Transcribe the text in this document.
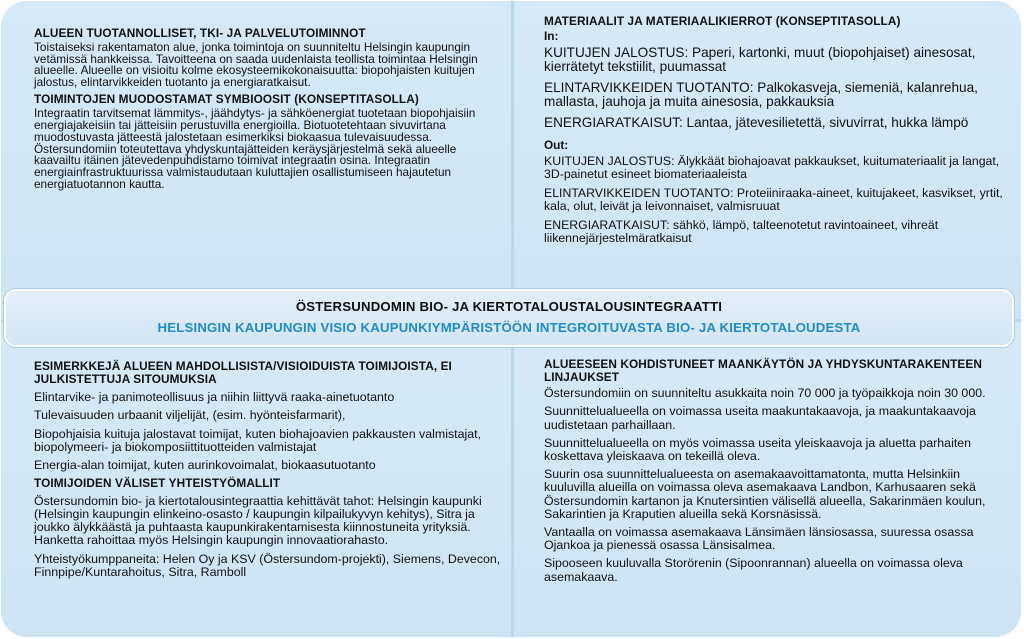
ALUEEN TUOTANNOLLISET, TKI- JA PALVELUTOIMINNOT
Toistaiseksi rakentamaton alue, jonka toimintoja on suunniteltu Helsingin kaupungin vetämissä hankkeissa. Tavoitteena on saada uudenlaista teollista toimintaa Helsingin alueelle. Alueelle on visioitu kolme ekosysteemikokonaisuutta: biopohjaisten kuitujen jalostus, elintarvikkeiden tuotanto ja energiaratkaisut.
TOIMINTOJEN MUODOSTAMAT SYMBIOOSIT (KONSEPTITASOLLA)
Integraatin tarvitsemat lämmitys-, jäähdytys- ja sähköenergiat tuotetaan biopohjaisiin energiajakeisiin tai jätteisiin perustuvilla energioilla. Biotuotetehtaan sivuvirtana muodostuvasta jätteestä jalostetaan esimerkiksi biokaasua tulevaisuudessa. Östersundomiin toteutettava yhdyskuntajätteiden keräysjärjestelmä sekä alueelle kaavailtu itäinen jätevedenpuhdistamo toimivat integraatin osina. Integraatin energiainfrastruktuurissa valmistaudutaan kuluttajien osallistumiseen hajautetun energiatuotannon kautta.
MATERIAALIT JA MATERIAALIKIERROT (KONSEPTITASOLLA)
In:
KUITUJEN JALOSTUS: Paperi, kartonki, muut (biopohjaiset) ainesosat, kierrätetyt tekstiilit, puumassat
ELINTARVIKKEIDEN TUOTANTO: Palkokasveja, siemeniä, kalanrehua, mallasta, jauhoja ja muita ainesosia, pakkauksia
ENERGIARATKAISUT: Lantaa, jätevesilietettä, sivuvirrat, hukka lämpö
Out:
KUITUJEN JALOSTUS: Älykkäät biohajoavat pakkaukset, kuitumateriaalit ja langat, 3D-painetut esineet biomateriaaleista
ELINTARVIKKEIDEN TUOTANTO: Proteiiniraaka-aineet, kuitujakeet, kasvikset, yrtit, kala, olut, leivät ja leivonnaiset, valmisruuat
ENERGIARATKAISUT: sähkö, lämpö, talteenotetut ravintoaineet, vihreät liikennejärjestelmäratkaisut
ESIMERKKEJÄ ALUEEN MAHDOLLISISTA/VISIOIDUISTA TOIMIJOISTA, EI JULKISTETTUJA SITOUMUKSIA
Elintarvike- ja panimoteollisuus ja niihin liittyvä raaka-ainetuotanto
Tulevaisuuden urbaanit viljelijät, (esim. hyönteisfarmarit),
Biopohjaisia kuituja jalostavat toimijat, kuten biohajoavien pakkausten valmistajat, biopolymeeri- ja biokomposiittituotteiden valmistajat
Energia-alan toimijat, kuten aurinkovoimalat, biokaasutuotanto
TOIMIJOIDEN VÄLISET YHTEISTYÖMALLIT
Östersundomin bio- ja kiertotalousintegraattia kehittävät tahot: Helsingin kaupunki (Helsingin kaupungin elinkeino-osasto / kaupungin kilpailukyvyn kehitys), Sitra ja joukko älykkäästä ja puhtaasta kaupunkirakentamisesta kiinnostuneita yrityksiä. Hanketta rahoittaa myös Helsingin kaupungin innovaatiorahasto.
Yhteistyökumppaneita: Helen Oy ja KSV (Östersundom-projekti), Siemens, Devecon, Finnpipe/Kuntarahoitus, Sitra, Ramboll
ALUEESEEN KOHDISTUNEET MAANKÄYTÖN JA YHDYSKUNTARAKENTEEN LINJAUKSET
Östersundomiin on suunniteltu asukkaita noin 70 000 ja työpaikkoja noin 30 000.
Suunnittelualueella on voimassa useita maakuntakaavoja, ja maakuntakaavoja uudistetaan parhaillaan.
Suunnittelualueella on myös voimassa useita yleiskaavoja ja aluetta parhaiten koskettava yleiskaava on tekeillä oleva.
Suurin osa suunnittelualueesta on asemakaavoittamatonta, mutta Helsinkiin kuuluvilla alueilla on voimassa oleva asemakaava Landbon, Karhusaaren sekä Östersundomin kartanon ja Knutersintien välisellä alueella, Sakarinmäen koulun, Sakarintien ja Kraputien alueilla sekä Korsnäsissä.
Vantaalla on voimassa asemakaava Länsimäen länsiosassa, suuressa osassa Ojankoa ja pienessä osassa Länsisalmea.
Sipooseen kuuluvalla Storörenin (Sipoonrannan) alueella on voimassa oleva asemakaava.
ÖSTERSUNDOMIN BIO- JA KIERTOTALOUSTALOUSINTEGRAATTI
HELSINGIN KAUPUNGIN VISIO KAUPUNKIYMPÄRISTÖÖN INTEGROITUVASTA BIO- JA KIERTOTALOUDESTA
